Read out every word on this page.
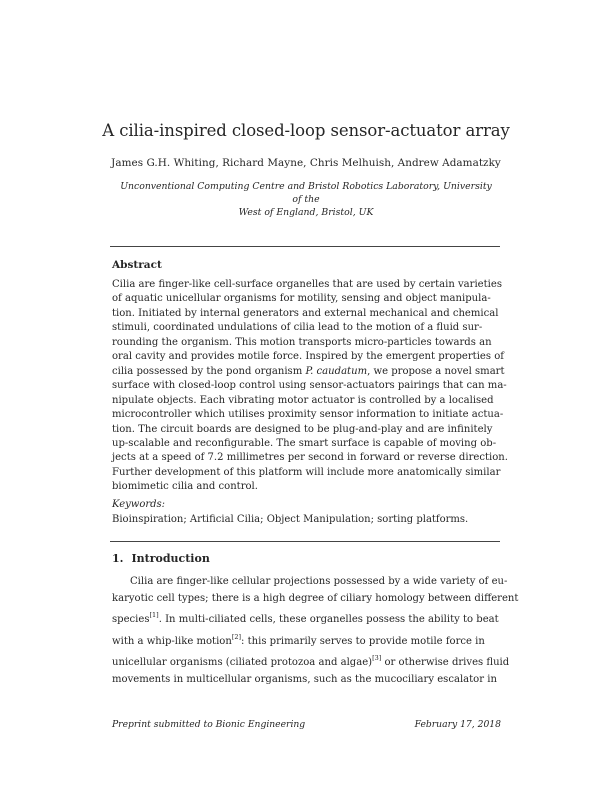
A cilia-inspired closed-loop sensor-actuator array
James G.H. Whiting, Richard Mayne, Chris Melhuish, Andrew Adamatzky
Unconventional Computing Centre and Bristol Robotics Laboratory, University of the
West of England, Bristol, UK
Abstract
Cilia are finger-like cell-surface organelles that are used by certain varieties
of aquatic unicellular organisms for motility, sensing and object manipula-
tion. Initiated by internal generators and external mechanical and chemical
stimuli, coordinated undulations of cilia lead to the motion of a fluid sur-
rounding the organism. This motion transports micro-particles towards an
oral cavity and provides motile force. Inspired by the emergent properties of
cilia possessed by the pond organism P. caudatum, we propose a novel smart
surface with closed-loop control using sensor-actuators pairings that can ma-
nipulate objects. Each vibrating motor actuator is controlled by a localised
microcontroller which utilises proximity sensor information to initiate actua-
tion. The circuit boards are designed to be plug-and-play and are infinitely
up-scalable and reconfigurable. The smart surface is capable of moving ob-
jects at a speed of 7.2 millimetres per second in forward or reverse direction.
Further development of this platform will include more anatomically similar
biomimetic cilia and control.
Keywords:
Bioinspiration; Artificial Cilia; Object Manipulation; sorting platforms.
1. Introduction
Cilia are finger-like cellular projections possessed by a wide variety of eu-
karyotic cell types; there is a high degree of ciliary homology between different
species[1]. In multi-ciliated cells, these organelles possess the ability to beat
with a whip-like motion[2]: this primarily serves to provide motile force in
unicellular organisms (ciliated protozoa and algae)[3] or otherwise drives fluid
movements in multicellular organisms, such as the mucociliary escalator in
Preprint submitted to Bionic Engineering	February 17, 2018
